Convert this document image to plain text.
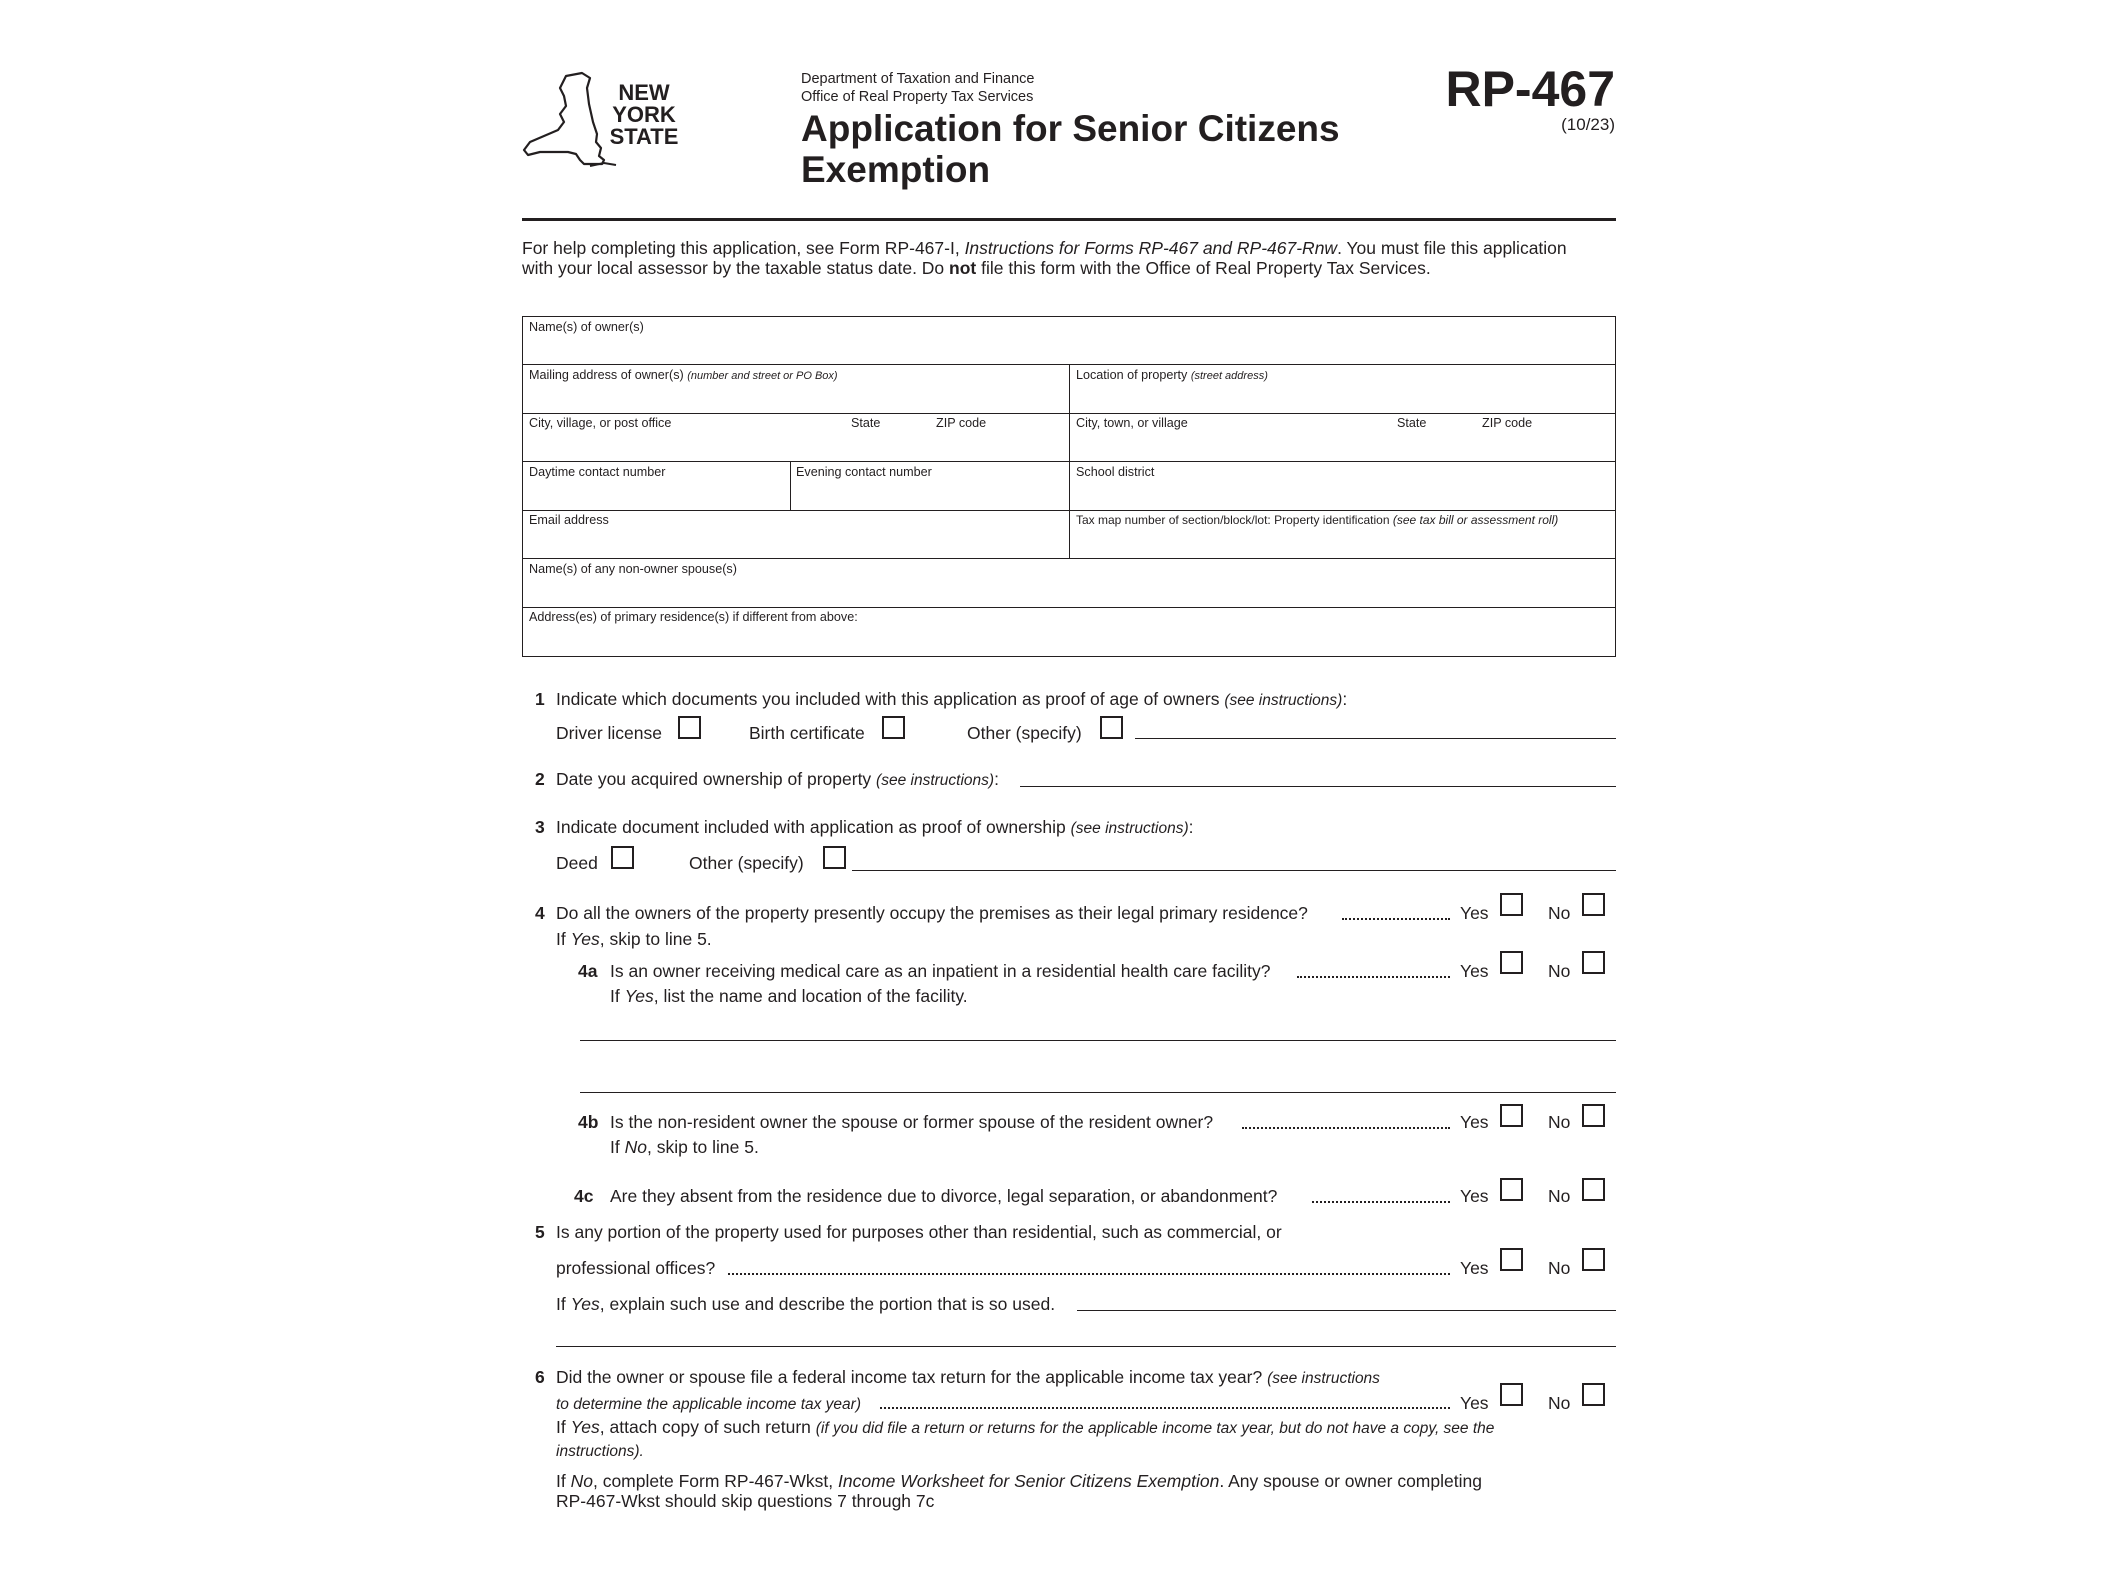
NEW
YORK
STATE
Department of Taxation and Finance
Office of Real Property Tax Services
Application for Senior Citizens
Exemption
RP-467
(10/23)
For help completing this application, see Form RP-467-I, Instructions for Forms RP-467 and RP-467-Rnw. You must file this application
with your local assessor by the taxable status date. Do not file this form with the Office of Real Property Tax Services.
Name(s) of owner(s)
Mailing address of owner(s) (number and street or PO Box)	Location of property (street address)
City, village, or post office	State	ZIP code	City, town, or village	State	ZIP code
Daytime contact number	Evening contact number	School district
Email address	Tax map number of section/block/lot: Property identification (see tax bill or assessment roll)
Name(s) of any non-owner spouse(s)
Address(es) of primary residence(s) if different from above:
1 Indicate which documents you included with this application as proof of age of owners (see instructions):
Driver license	Birth certificate	Other (specify)
2 Date you acquired ownership of property (see instructions):
3 Indicate document included with application as proof of ownership (see instructions):
Deed	Other (specify)
4 Do all the owners of the property presently occupy the premises as their legal primary residence?	Yes	No
If Yes, skip to line 5.
4a Is an owner receiving medical care as an inpatient in a residential health care facility?	Yes	No
If Yes, list the name and location of the facility.
4b Is the non-resident owner the spouse or former spouse of the resident owner?	Yes	No
If No, skip to line 5.
4c Are they absent from the residence due to divorce, legal separation, or abandonment?	Yes	No
5 Is any portion of the property used for purposes other than residential, such as commercial, or
professional offices?	Yes	No
If Yes, explain such use and describe the portion that is so used.
6 Did the owner or spouse file a federal income tax return for the applicable income tax year? (see instructions
to determine the applicable income tax year)	Yes	No
If Yes, attach copy of such return (if you did file a return or returns for the applicable income tax year, but do not have a copy, see the
instructions).
If No, complete Form RP-467-Wkst, Income Worksheet for Senior Citizens Exemption. Any spouse or owner completing
RP-467-Wkst should skip questions 7 through 7c
